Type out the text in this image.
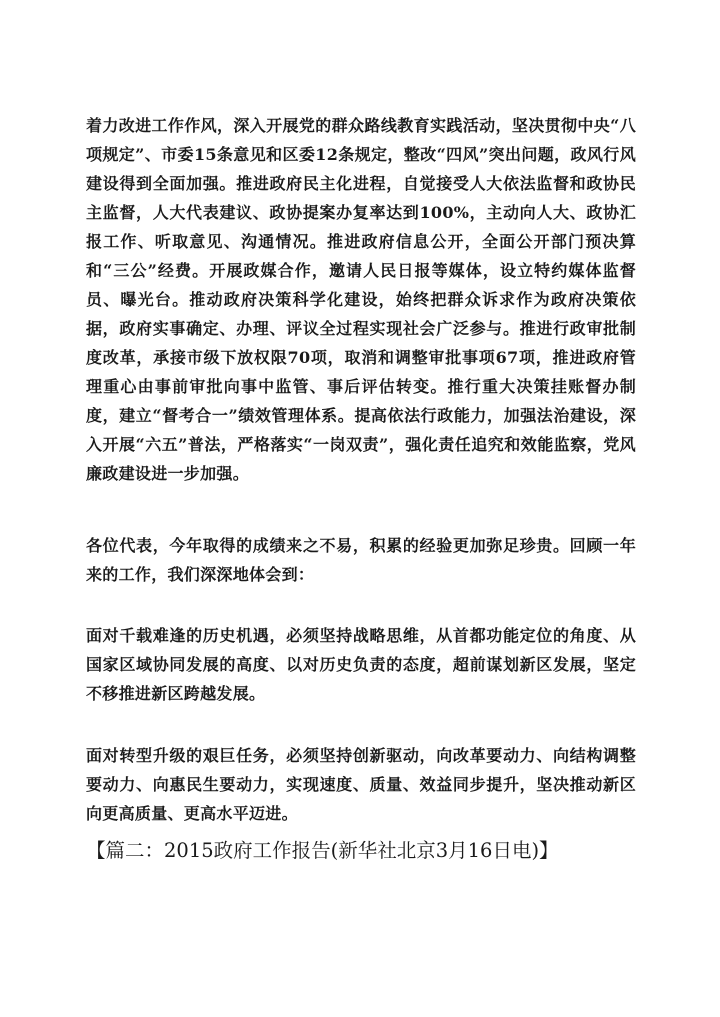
着力改进工作作风，深入开展党的群众路线教育实践活动，坚决贯彻中央“八项规定”、市委15条意见和区委12条规定，整改“四风”突出问题，政风行风建设得到全面加强。推进政府民主化进程，自觉接受人大依法监督和政协民主监督，人大代表建议、政协提案办复率达到100%，主动向人大、政协汇报工作、听取意见、沟通情况。推进政府信息公开，全面公开部门预决算和“三公”经费。开展政媒合作，邀请人民日报等媒体，设立特约媒体监督员、曝光台。推动政府决策科学化建设，始终把群众诉求作为政府决策依据，政府实事确定、办理、评议全过程实现社会广泛参与。推进行政审批制度改革，承接市级下放权限70项，取消和调整审批事项67项，推进政府管理重心由事前审批向事中监管、事后评估转变。推行重大决策挂账督办制度，建立“督考合一”绩效管理体系。提高依法行政能力，加强法治建设，深入开展“六五”普法，严格落实“一岗双责”，强化责任追究和效能监察，党风廉政建设进一步加强。

各位代表，今年取得的成绩来之不易，积累的经验更加弥足珍贵。回顾一年来的工作，我们深深地体会到：

面对千载难逢的历史机遇，必须坚持战略思维，从首都功能定位的角度、从国家区域协同发展的高度、以对历史负责的态度，超前谋划新区发展，坚定不移推进新区跨越发展。

面对转型升级的艰巨任务，必须坚持创新驱动，向改革要动力、向结构调整要动力、向惠民生要动力，实现速度、质量、效益同步提升，坚决推动新区向更高质量、更高水平迈进。

【篇二：2015政府工作报告(新华社北京3月16日电)】
